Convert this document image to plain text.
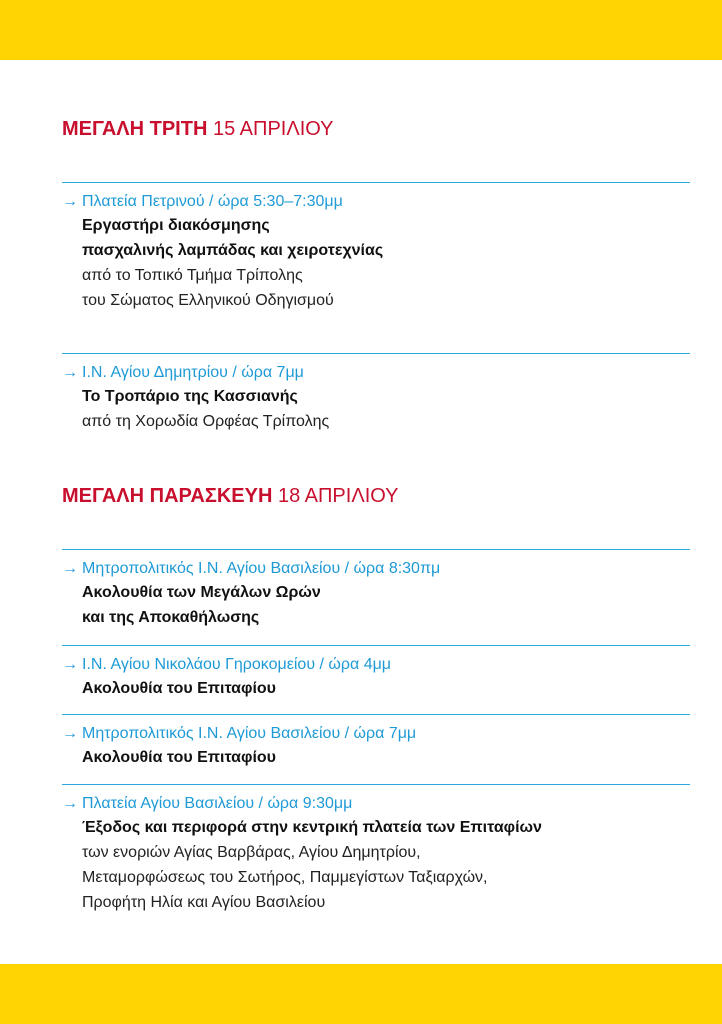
ΜΕΓΑΛΗ ΤΡΙΤΗ 15 ΑΠΡΙΛΙΟΥ
→ Πλατεία Πετρινού / ώρα 5:30–7:30μμ
Εργαστήρι διακόσμησης
πασχαλινής λαμπάδας και χειροτεχνίας
από το Τοπικό Τμήμα Τρίπολης
του Σώματος Ελληνικού Οδηγισμού
→ Ι.Ν. Αγίου Δημητρίου / ώρα 7μμ
Το Τροπάριο της Κασσιανής
από τη Χορωδία Ορφέας Τρίπολης
ΜΕΓΑΛΗ ΠΑΡΑΣΚΕΥΗ 18 ΑΠΡΙΛΙΟΥ
→ Μητροπολιτικός Ι.Ν. Αγίου Βασιλείου / ώρα 8:30πμ
Ακολουθία των Μεγάλων Ωρών
και της Αποκαθήλωσης
→ Ι.Ν. Αγίου Νικολάου Γηροκομείου / ώρα 4μμ
Ακολουθία του Επιταφίου
→ Μητροπολιτικός Ι.Ν. Αγίου Βασιλείου / ώρα 7μμ
Ακολουθία του Επιταφίου
→ Πλατεία Αγίου Βασιλείου / ώρα 9:30μμ
Έξοδος και περιφορά στην κεντρική πλατεία των Επιταφίων
των ενοριών Αγίας Βαρβάρας, Αγίου Δημητρίου,
Μεταμορφώσεως του Σωτήρος, Παμμεγίστων Ταξιαρχών,
Προφήτη Ηλία και Αγίου Βασιλείου
